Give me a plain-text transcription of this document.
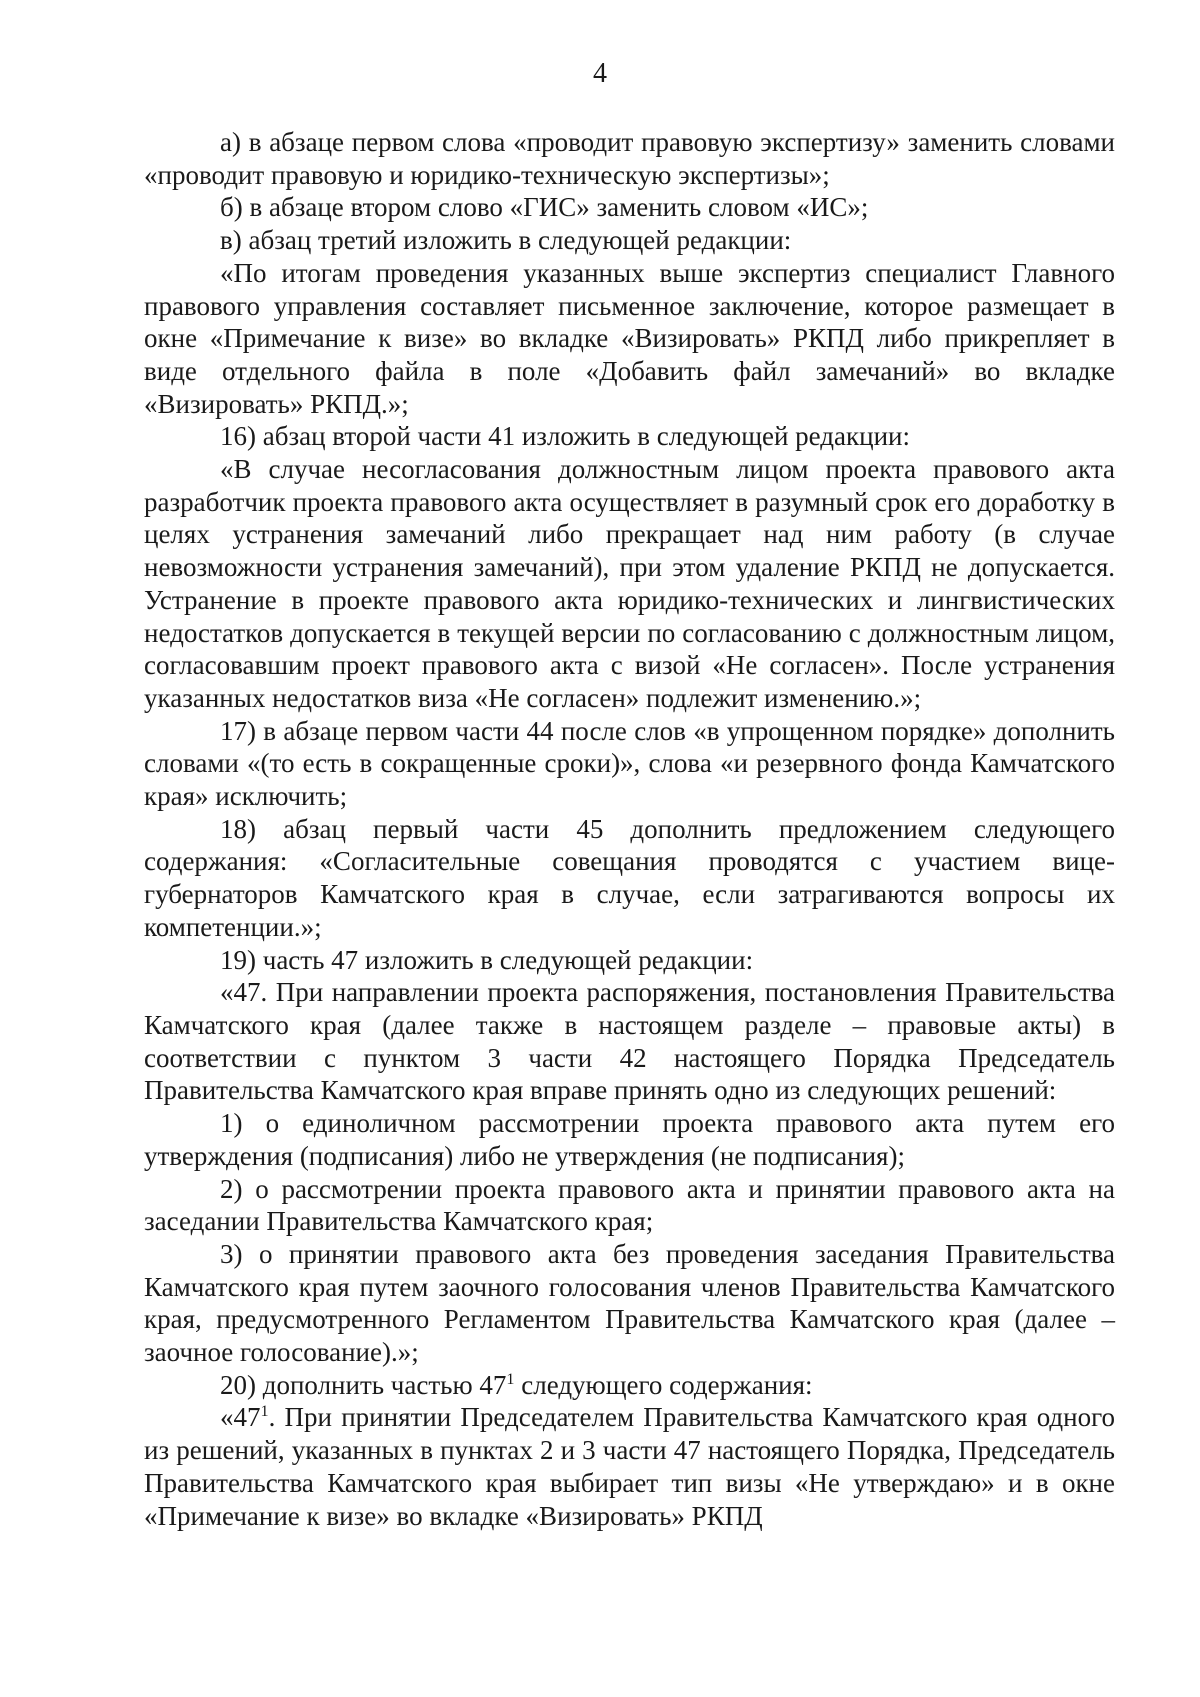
4

а) в абзаце первом слова «проводит правовую экспертизу» заменить словами «проводит правовую и юридико-техническую экспертизы»;

б) в абзаце втором слово «ГИС» заменить словом «ИС»;

в) абзац третий изложить в следующей редакции:

«По итогам проведения указанных выше экспертиз специалист Главного правового управления составляет письменное заключение, которое размещает в окне «Примечание к визе» во вкладке «Визировать» РКПД либо прикрепляет в виде отдельного файла в поле «Добавить файл замечаний» во вкладке «Визировать» РКПД.»;

16) абзац второй части 41 изложить в следующей редакции:

«В случае несогласования должностным лицом проекта правового акта разработчик проекта правового акта осуществляет в разумный срок его доработку в целях устранения замечаний либо прекращает над ним работу (в случае невозможности устранения замечаний), при этом удаление РКПД не допускается. Устранение в проекте правового акта юридико-технических и лингвистических недостатков допускается в текущей версии по согласованию с должностным лицом, согласовавшим проект правового акта с визой «Не согласен». После устранения указанных недостатков виза «Не согласен» подлежит изменению.»;

17) в абзаце первом части 44 после слов «в упрощенном порядке» дополнить словами «(то есть в сокращенные сроки)», слова «и резервного фонда Камчатского края» исключить;

18) абзац первый части 45 дополнить предложением следующего содержания: «Согласительные совещания проводятся с участием вице-губернаторов Камчатского края в случае, если затрагиваются вопросы их компетенции.»;

19) часть 47 изложить в следующей редакции:

«47. При направлении проекта распоряжения, постановления Правительства Камчатского края (далее также в настоящем разделе – правовые акты) в соответствии с пунктом 3 части 42 настоящего Порядка Председатель Правительства Камчатского края вправе принять одно из следующих решений:

1) о единоличном рассмотрении проекта правового акта путем его утверждения (подписания) либо не утверждения (не подписания);

2) о рассмотрении проекта правового акта и принятии правового акта на заседании Правительства Камчатского края;

3) о принятии правового акта без проведения заседания Правительства Камчатского края путем заочного голосования членов Правительства Камчатского края, предусмотренного Регламентом Правительства Камчатского края (далее – заочное голосование).»;

20) дополнить частью $47^1$ следующего содержания:

«$47^1$. При принятии Председателем Правительства Камчатского края одного из решений, указанных в пунктах 2 и 3 части 47 настоящего Порядка, Председатель Правительства Камчатского края выбирает тип визы «Не утверждаю» и в окне «Примечание к визе» во вкладке «Визировать» РКПД
